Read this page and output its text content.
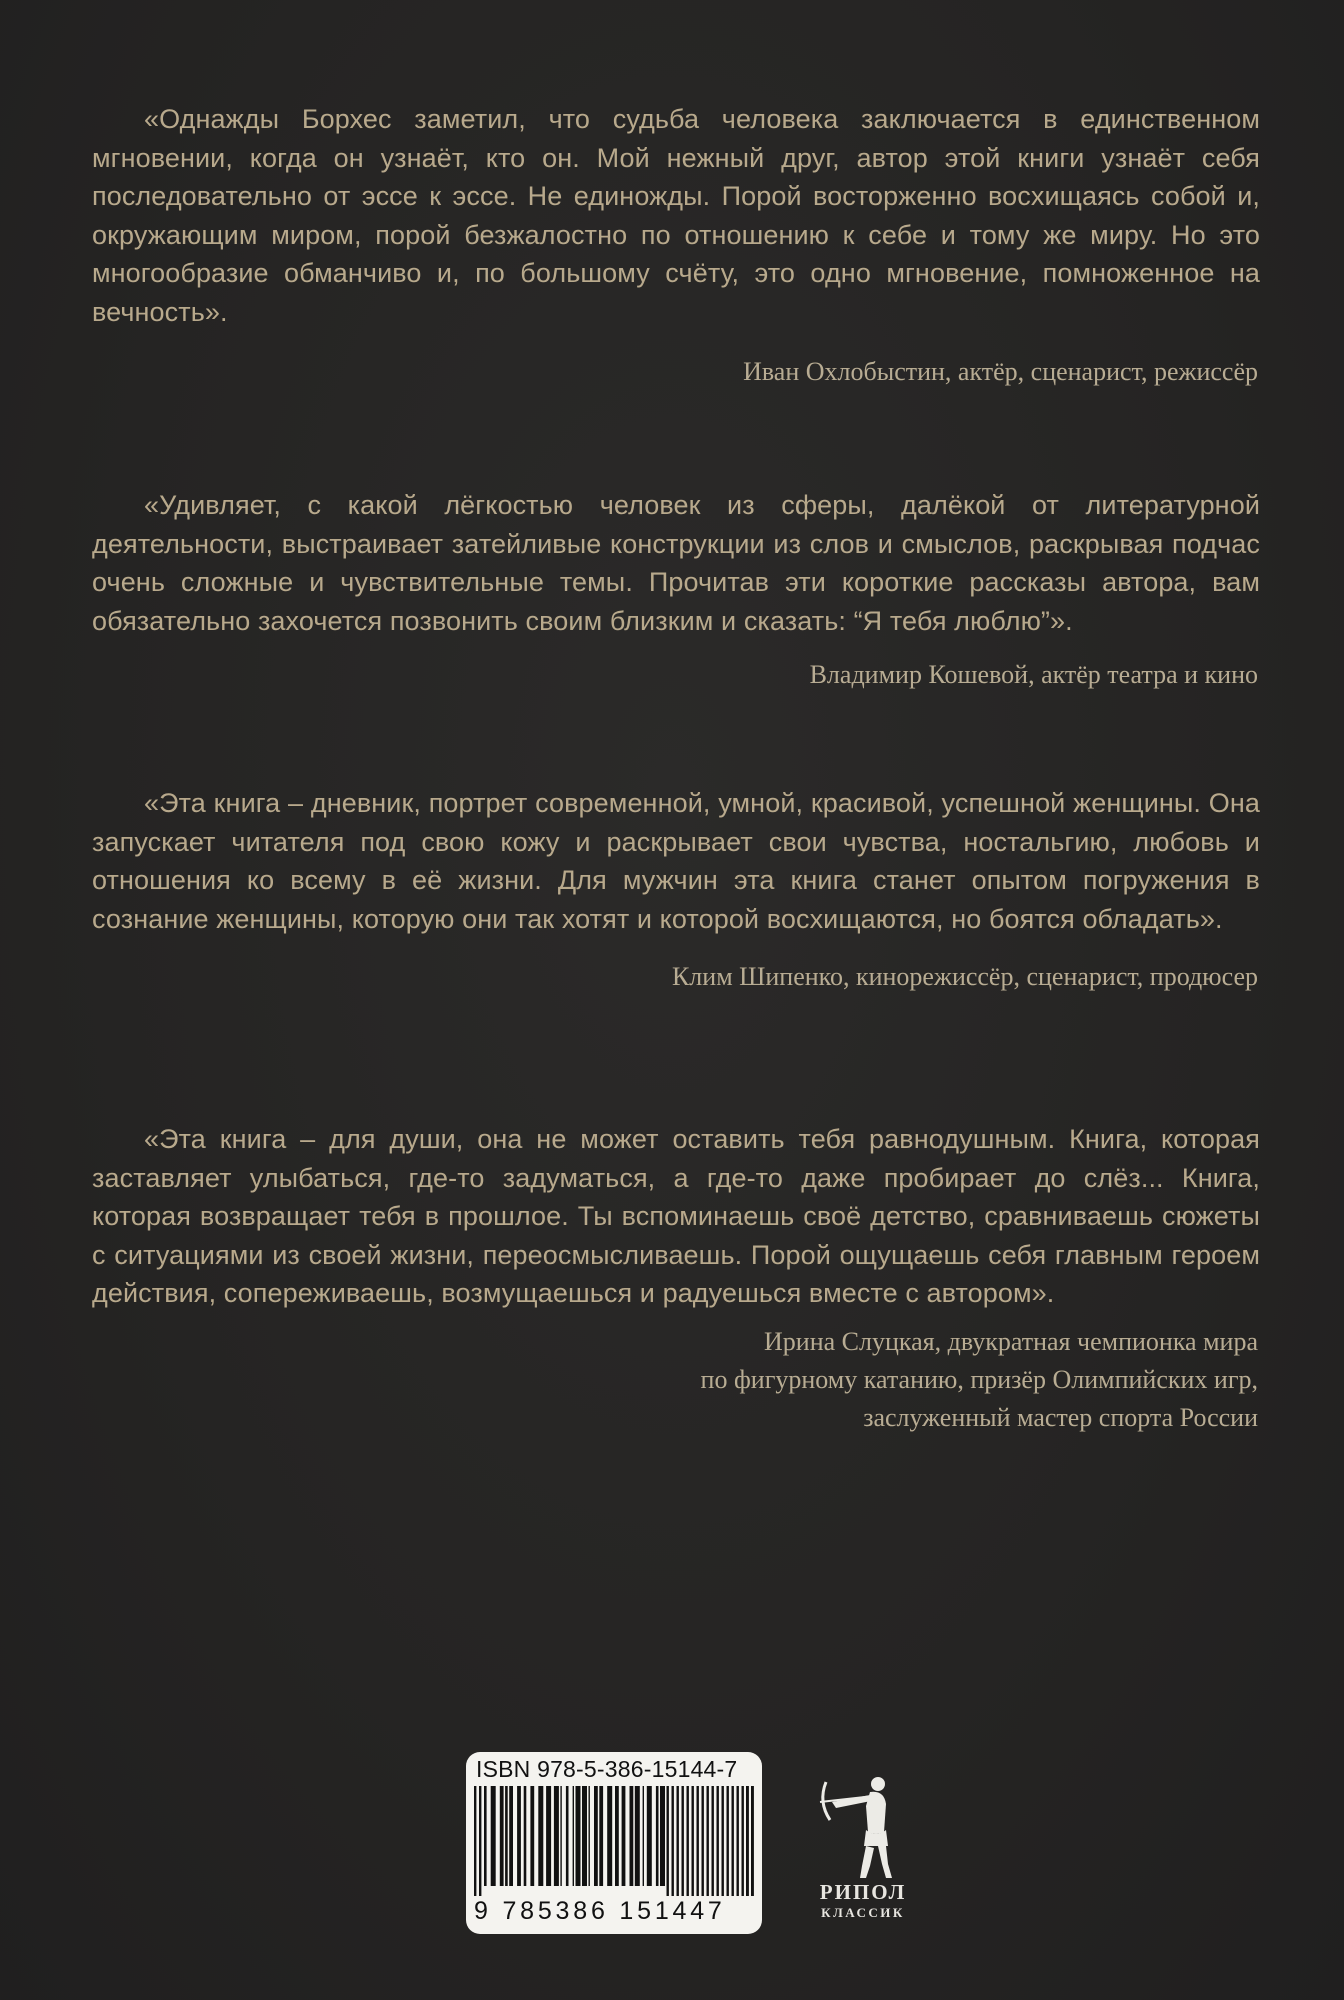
«Однажды Борхес заметил, что судьба человека заключается в единственном мгновении, когда он узнаёт, кто он. Мой нежный друг, автор этой книги узнаёт себя последовательно от эссе к эссе. Не единожды. Порой восторженно восхищаясь собой и, окружающим миром, порой безжалостно по отношению к себе и тому же миру. Но это многообразие обманчиво и, по большому счёту, это одно мгновение, помноженное на вечность».

Иван Охлобыстин, актёр, сценарист, режиссёр

«Удивляет, с какой лёгкостью человек из сферы, далёкой от литературной деятельности, выстраивает затейливые конструкции из слов и смыслов, раскрывая подчас очень сложные и чувствительные темы. Прочитав эти короткие рассказы автора, вам обязательно захочется позвонить своим близким и сказать: “Я тебя люблю”».

Владимир Кошевой, актёр театра и кино

«Эта книга – дневник, портрет современной, умной, красивой, успешной женщины. Она запускает читателя под свою кожу и раскрывает свои чувства, ностальгию, любовь и отношения ко всему в её жизни. Для мужчин эта книга станет опытом погружения в сознание женщины, которую они так хотят и которой восхищаются, но боятся обладать».

Клим Шипенко, кинорежиссёр, сценарист, продюсер

«Эта книга – для души, она не может оставить тебя равнодушным. Книга, которая заставляет улыбаться, где-то задуматься, а где-то даже пробирает до слёз... Книга, которая возвращает тебя в прошлое. Ты вспоминаешь своё детство, сравниваешь сюжеты с ситуациями из своей жизни, переосмысливаешь. Порой ощущаешь себя главным героем действия, сопереживаешь, возмущаешься и радуешься вместе с автором».

Ирина Слуцкая, двукратная чемпионка мира
по фигурному катанию, призёр Олимпийских игр,
заслуженный мастер спорта России

ISBN 978-5-386-15144-7
9 785386 151447
РИПОЛ
КЛАССИК
